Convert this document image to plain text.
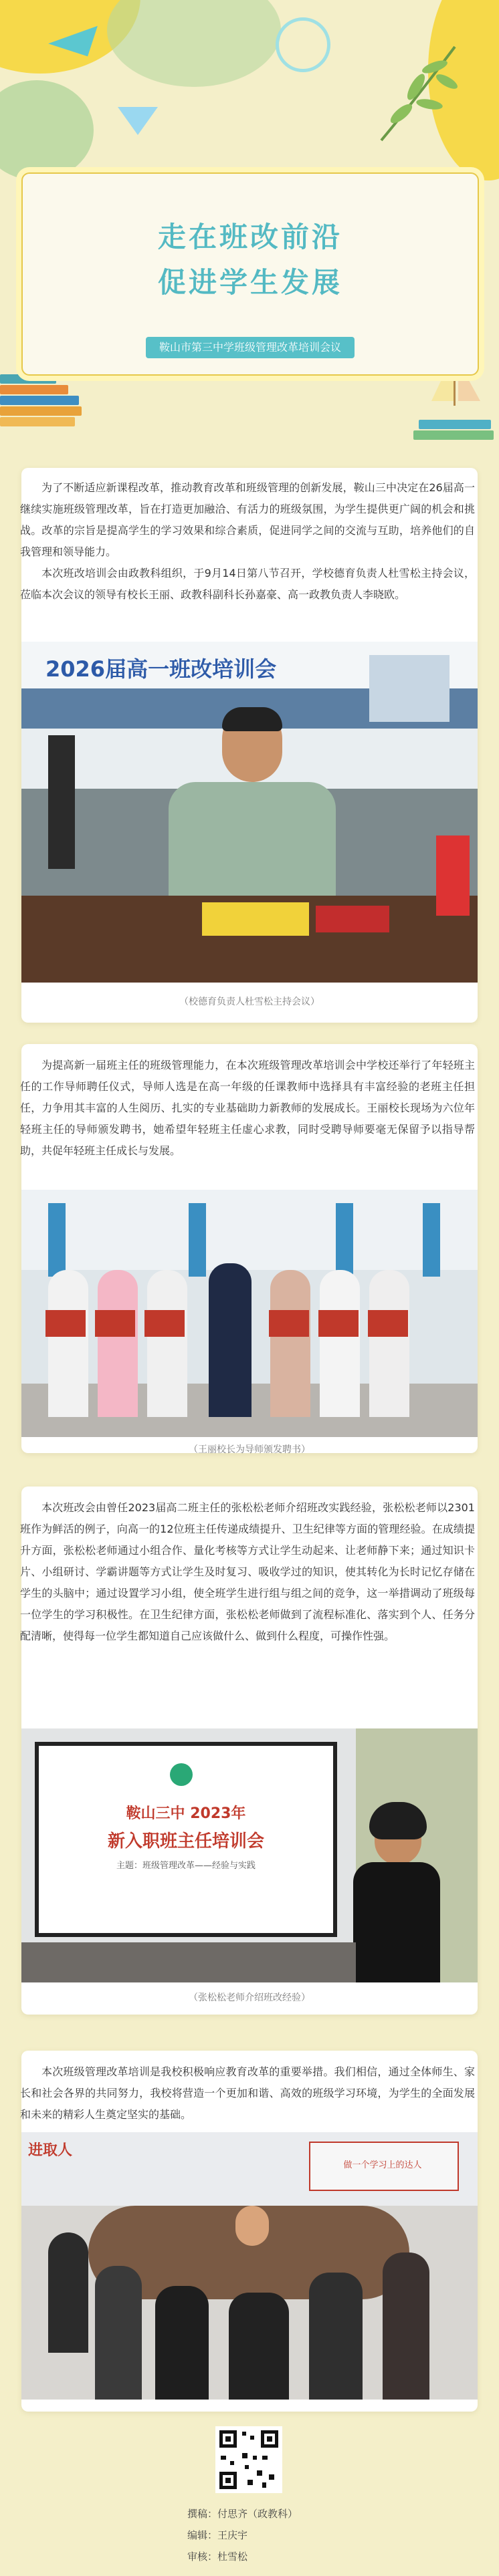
走在班改前沿
促进学生发展
鞍山市第三中学班级管理改革培训会议

为了不断适应新课程改革，推动教育改革和班级管理的创新发展，鞍山三中决定在26届高一继续实施班级管理改革，旨在打造更加融洽、有活力的班级氛围，为学生提供更广阔的机会和挑战。改革的宗旨是提高学生的学习效果和综合素质，促进同学之间的交流与互助，培养他们的自我管理和领导能力。

本次班改培训会由政教科组织，于9月14日第八节召开，学校德育负责人杜雪松主持会议，莅临本次会议的领导有校长王丽、政教科副科长孙嘉豪、高一政教负责人李晓欧。

2026届高一班改培训会
（校德育负责人杜雪松主持会议）

为提高新一届班主任的班级管理能力，在本次班级管理改革培训会中学校还举行了年轻班主任的工作导师聘任仪式，导师人选是在高一年级的任课教师中选择具有丰富经验的老班主任担任，力争用其丰富的人生阅历、扎实的专业基础助力新教师的发展成长。王丽校长现场为六位年轻班主任的导师颁发聘书，她希望年轻班主任虚心求教，同时受聘导师要毫无保留予以指导帮助，共促年轻班主任成长与发展。

（王丽校长为导师颁发聘书）

本次班改会由曾任2023届高二班主任的张松松老师介绍班改实践经验，张松松老师以2301班作为鲜活的例子，向高一的12位班主任传递成绩提升、卫生纪律等方面的管理经验。在成绩提升方面，张松松老师通过小组合作、量化考核等方式让学生动起来、让老师静下来；通过知识卡片、小组研讨、学霸讲题等方式让学生及时复习、吸收学过的知识，使其转化为长时记忆存储在学生的头脑中；通过设置学习小组，使全班学生进行组与组之间的竞争，这一举措调动了班级每一位学生的学习积极性。在卫生纪律方面，张松松老师做到了流程标准化、落实到个人、任务分配清晰，使得每一位学生都知道自己应该做什么、做到什么程度，可操作性强。

鞍山三中 2023年
新入职班主任培训会
主题：班级管理改革——经验与实践
（张松松老师介绍班改经验）

本次班级管理改革培训是我校积极响应教育改革的重要举措。我们相信，通过全体师生、家长和社会各界的共同努力，我校将营造一个更加和谐、高效的班级学习环境，为学生的全面发展和未来的精彩人生奠定坚实的基础。

进取人
做一个学习上的达人
撰稿：付思齐（政教科）
编辑：王庆宇
审核：杜雪松
